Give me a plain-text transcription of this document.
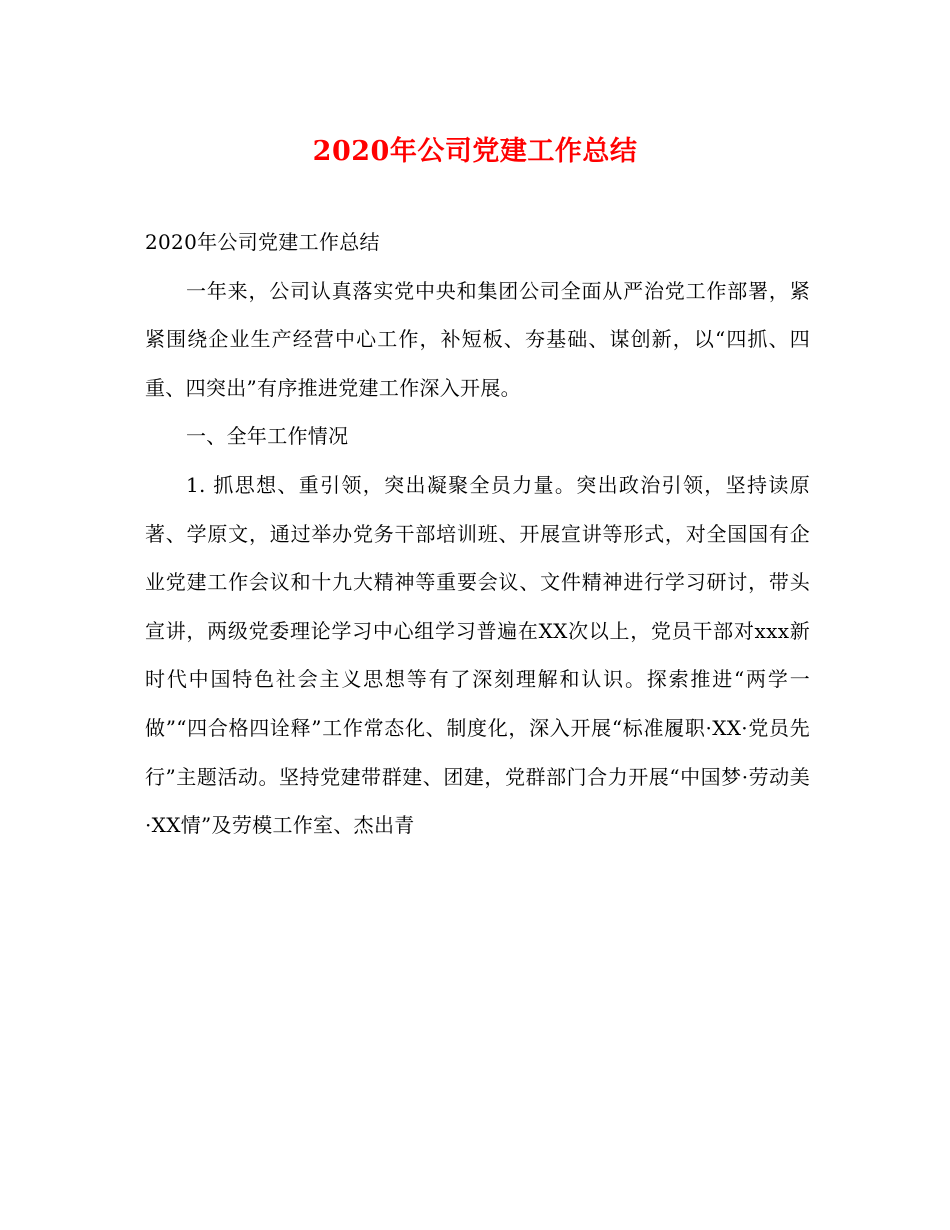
2020年公司党建工作总结

2020年公司党建工作总结

一年来，公司认真落实党中央和集团公司全面从严治党工作部署，紧紧围绕企业生产经营中心工作，补短板、夯基础、谋创新，以“四抓、四重、四突出”有序推进党建工作深入开展。

一、全年工作情况

1. 抓思想、重引领，突出凝聚全员力量。突出政治引领，坚持读原著、学原文，通过举办党务干部培训班、开展宣讲等形式，对全国国有企业党建工作会议和十九大精神等重要会议、文件精神进行学习研讨，带头宣讲，两级党委理论学习中心组学习普遍在XX次以上，党员干部对xxx新时代中国特色社会主义思想等有了深刻理解和认识。探索推进“两学一做”“四合格四诠释”工作常态化、制度化，深入开展“标准履职·XX·党员先行”主题活动。坚持党建带群建、团建，党群部门合力开展“中国梦·劳动美·XX情”及劳模工作室、杰出青
